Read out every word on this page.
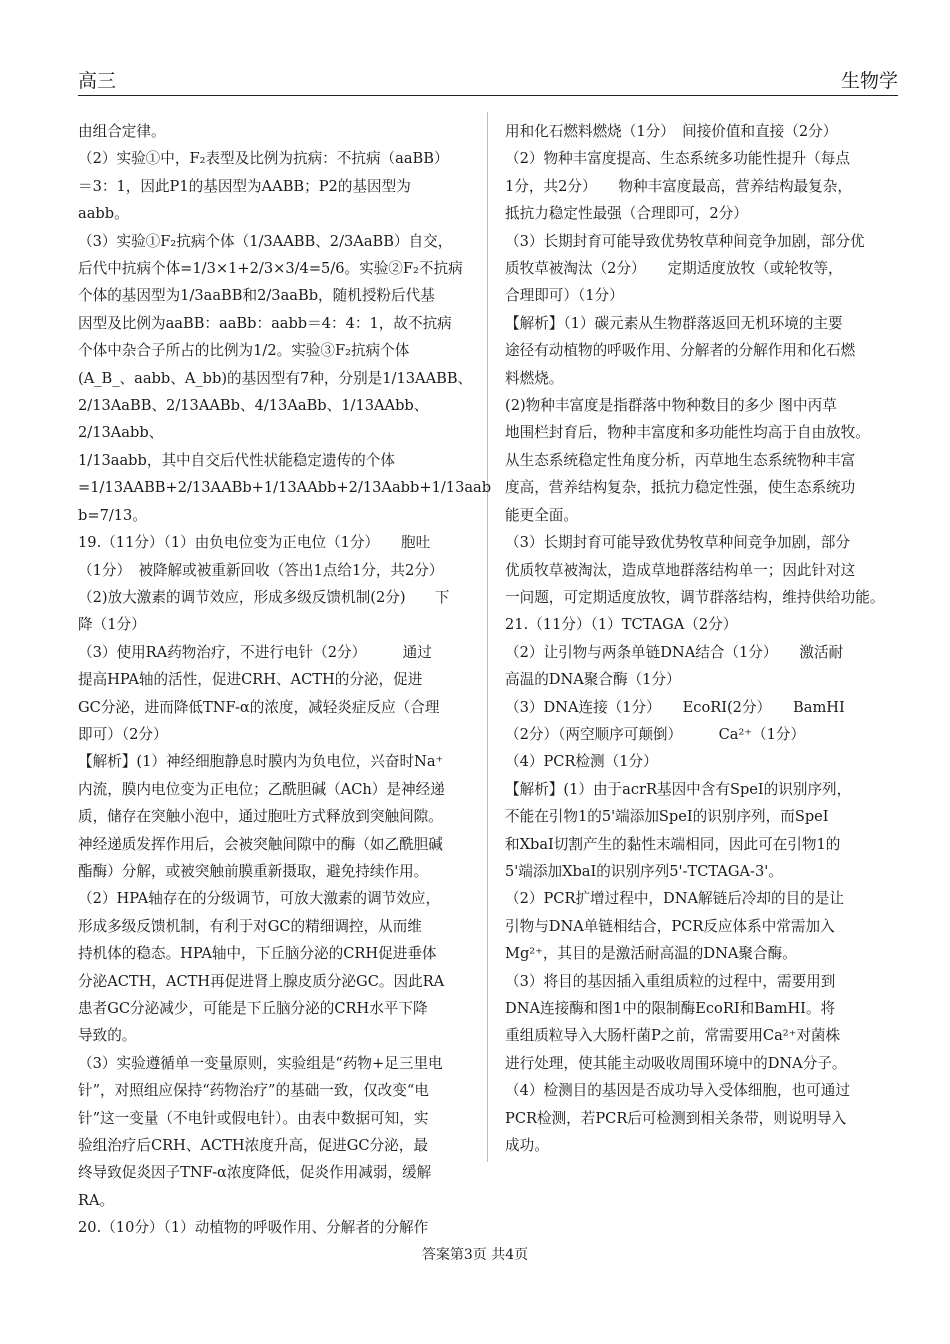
高三	生物学

由组合定律。

（2）实验①中，F₂表型及比例为抗病：不抗病（aaBB）

＝3：1，因此P1的基因型为AABB；P2的基因型为

aabb。

（3）实验①F₂抗病个体（1/3AABB、2/3AaBB）自交，

后代中抗病个体=1/3×1+2/3×3/4=5/6。实验②F₂不抗病

个体的基因型为1/3aaBB和2/3aaBb，随机授粉后代基

因型及比例为aaBB：aaBb：aabb＝4：4：1，故不抗病

个体中杂合子所占的比例为1/2。实验③F₂抗病个体

(A_B_、aabb、A_bb)的基因型有7种，分别是1/13AABB、

2/13AaBB、2/13AABb、4/13AaBb、1/13AAbb、2/13Aabb、

1/13aabb，其中自交后代性状能稳定遗传的个体

=1/13AABB+2/13AABb+1/13AAbb+2/13Aabb+1/13aab

b=7/13。

19.（11分）（1）由负电位变为正电位（1分）　　胞吐

（1分）　被降解或被重新回收（答出1点给1分，共2分）

（2)放大激素的调节效应，形成多级反馈机制(2分)　　下

降（1分）

（3）使用RA药物治疗，不进行电针（2分）　　　通过

提高HPA轴的活性，促进CRH、ACTH的分泌，促进

GC分泌，进而降低TNF-α的浓度，减轻炎症反应（合理

即可）（2分）

【解析】(1）神经细胞静息时膜内为负电位，兴奋时Na⁺

内流，膜内电位变为正电位；乙酰胆碱（ACh）是神经递

质，储存在突触小泡中，通过胞吐方式释放到突触间隙。

神经递质发挥作用后，会被突触间隙中的酶（如乙酰胆碱

酯酶）分解，或被突触前膜重新摄取，避免持续作用。

（2）HPA轴存在的分级调节，可放大激素的调节效应，

形成多级反馈机制，有利于对GC的精细调控，从而维

持机体的稳态。HPA轴中，下丘脑分泌的CRH促进垂体

分泌ACTH，ACTH再促进肾上腺皮质分泌GC。因此RA

患者GC分泌减少，可能是下丘脑分泌的CRH水平下降

导致的。

（3）实验遵循单一变量原则，实验组是“药物+足三里电

针”，对照组应保持“药物治疗”的基础一致，仅改变“电

针”这一变量（不电针或假电针）。由表中数据可知，实

验组治疗后CRH、ACTH浓度升高，促进GC分泌，最

终导致促炎因子TNF-α浓度降低，促炎作用减弱，缓解

RA。

20.（10分）（1）动植物的呼吸作用、分解者的分解作

用和化石燃料燃烧（1分）　间接价值和直接（2分）

（2）物种丰富度提高、生态系统多功能性提升（每点

1分，共2分）　　物种丰富度最高，营养结构最复杂，

抵抗力稳定性最强（合理即可，2分）

（3）长期封育可能导致优势牧草种间竞争加剧，部分优

质牧草被淘汰（2分）　　定期适度放牧（或轮牧等，

合理即可）（1分）

【解析】（1）碳元素从生物群落返回无机环境的主要

途径有动植物的呼吸作用、分解者的分解作用和化石燃

料燃烧。

(2)物种丰富度是指群落中物种数目的多少 图中丙草

地围栏封育后，物种丰富度和多功能性均高于自由放牧。

从生态系统稳定性角度分析，丙草地生态系统物种丰富

度高，营养结构复杂，抵抗力稳定性强，使生态系统功

能更全面。

（3）长期封育可能导致优势牧草种间竞争加剧，部分

优质牧草被淘汰，造成草地群落结构单一；因此针对这

一问题，可定期适度放牧，调节群落结构，维持供给功能。

21.（11分）（1）TCTAGA（2分）

（2）让引物与两条单链DNA结合（1分）　　激活耐

高温的DNA聚合酶（1分）

（3）DNA连接（1分）　　EcoRⅠ(2分）　　BamHⅠ

（2分）（两空顺序可颠倒）　　　Ca²⁺（1分）

（4）PCR检测（1分）

【解析】(1）由于acrR基因中含有SpeⅠ的识别序列，

不能在引物1的5'端添加SpeⅠ的识别序列，而SpeⅠ

和XbaⅠ切割产生的黏性末端相同，因此可在引物1的

5'端添加XbaⅠ的识别序列5'-TCTAGA-3'。

（2）PCR扩增过程中，DNA解链后冷却的目的是让

引物与DNA单链相结合，PCR反应体系中常需加入

Mg²⁺，其目的是激活耐高温的DNA聚合酶。

（3）将目的基因插入重组质粒的过程中，需要用到

DNA连接酶和图1中的限制酶EcoRⅠ和BamHⅠ。将

重组质粒导入大肠杆菌P之前，常需要用Ca²⁺对菌株

进行处理，使其能主动吸收周围环境中的DNA分子。

（4）检测目的基因是否成功导入受体细胞，也可通过

PCR检测，若PCR后可检测到相关条带，则说明导入

成功。

答案第3页 共4页
